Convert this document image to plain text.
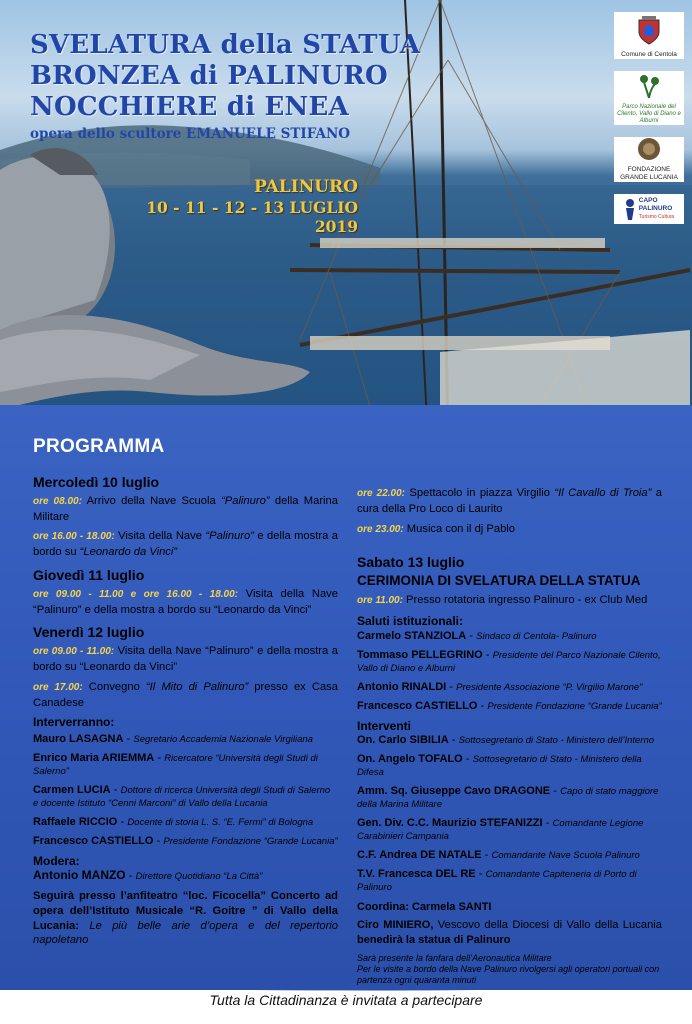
SVELATURA della STATUA
BRONZEA di PALINURO
NOCCHIERE di ENEA
opera dello scultore EMANUELE STIFANO
PALINURO
10 - 11 - 12 - 13 LUGLIO 2019
Comune di Centola
Parco Nazionale del Cilento, Vallo di Diano e Alburni
FONDAZIONE
GRANDE LUCANIA
CAPO
PALINURO
Turismo Cultura
PROGRAMMA
Mercoledì 10 luglio
ore 08.00: Arrivo della Nave Scuola “Palinuro” della Marina Militare
ore 16.00 - 18.00: Visita della Nave “Palinuro” e della mostra a bordo su “Leonardo da Vinci”
Giovedì 11 luglio
ore 09.00 - 11.00 e ore 16.00 - 18.00: Visita della Nave “Palinuro” e della mostra a bordo su “Leonardo da Vinci”
Venerdì 12 luglio
ore 09.00 - 11.00: Visita della Nave “Palinuro” e della mostra a bordo su “Leonardo da Vinci”
ore 17.00: Convegno “Il Mito di Palinuro” presso ex Casa Canadese
Interverranno:
Mauro LASAGNA - Segretario Accademia Nazionale Virgiliana
Enrico Maria ARIEMMA - Ricercatore “Università degli Studi di Salerno”
Carmen LUCIA - Dottore di ricerca Università degli Studi di Salerno e docente Istituto “Cenni Marconi” di Vallo della Lucania
Raffaele RICCIO - Docente di storia L. S. “E. Fermi” di Bologna
Francesco CASTIELLO - Presidente Fondazione “Grande Lucania”
Modera:
Antonio MANZO - Direttore Quotidiano “La Città”
Seguirà presso l’anfiteatro “loc. Ficocella” Concerto ad opera dell’Istituto Musicale “R. Goitre ” di Vallo della Lucania: Le più belle arie d’opera e del repertorio napoletano
ore 22.00: Spettacolo in piazza Virgilio “Il Cavallo di Troia” a cura della Pro Loco di Laurito
ore 23.00: Musica con il dj Pablo
Sabato 13 luglio
CERIMONIA DI SVELATURA DELLA STATUA
ore 11.00: Presso rotatoria ingresso Palinuro - ex Club Med
Saluti istituzionali:
Carmelo STANZIOLA - Sindaco di Centola- Palinuro
Tommaso PELLEGRINO - Presidente del Parco Nazionale Cilento, Vallo di Diano e Alburni
Antonio RINALDI - Presidente Associazione “P. Virgilio Marone”
Francesco CASTIELLO - Presidente Fondazione “Grande Lucania”
Interventi
On. Carlo SIBILIA - Sottosegretario di Stato - Ministero dell’Interno
On. Angelo TOFALO - Sottosegretario di Stato - Ministero della Difesa
Amm. Sq. Giuseppe Cavo DRAGONE - Capo di stato maggiore della Marina Militare
Gen. Div. C.C. Maurizio STEFANIZZI - Comandante Legione Carabinieri Campania
C.F. Andrea DE NATALE - Comandante Nave Scuola Palinuro
T.V. Francesca DEL RE - Comandante Capiteneria di Porto di Palinuro
Coordina: Carmela SANTI
Ciro MINIERO, Vescovo della Diocesi di Vallo della Lucania benedirà la statua di Palinuro
Sarà presente la fanfara dell’Aeronautica Militare
Per le visite a bordo della Nave Palinuro rivolgersi agli operatori portuali con partenza ogni quaranta minuti
Tutta la Cittadinanza è invitata a partecipare
